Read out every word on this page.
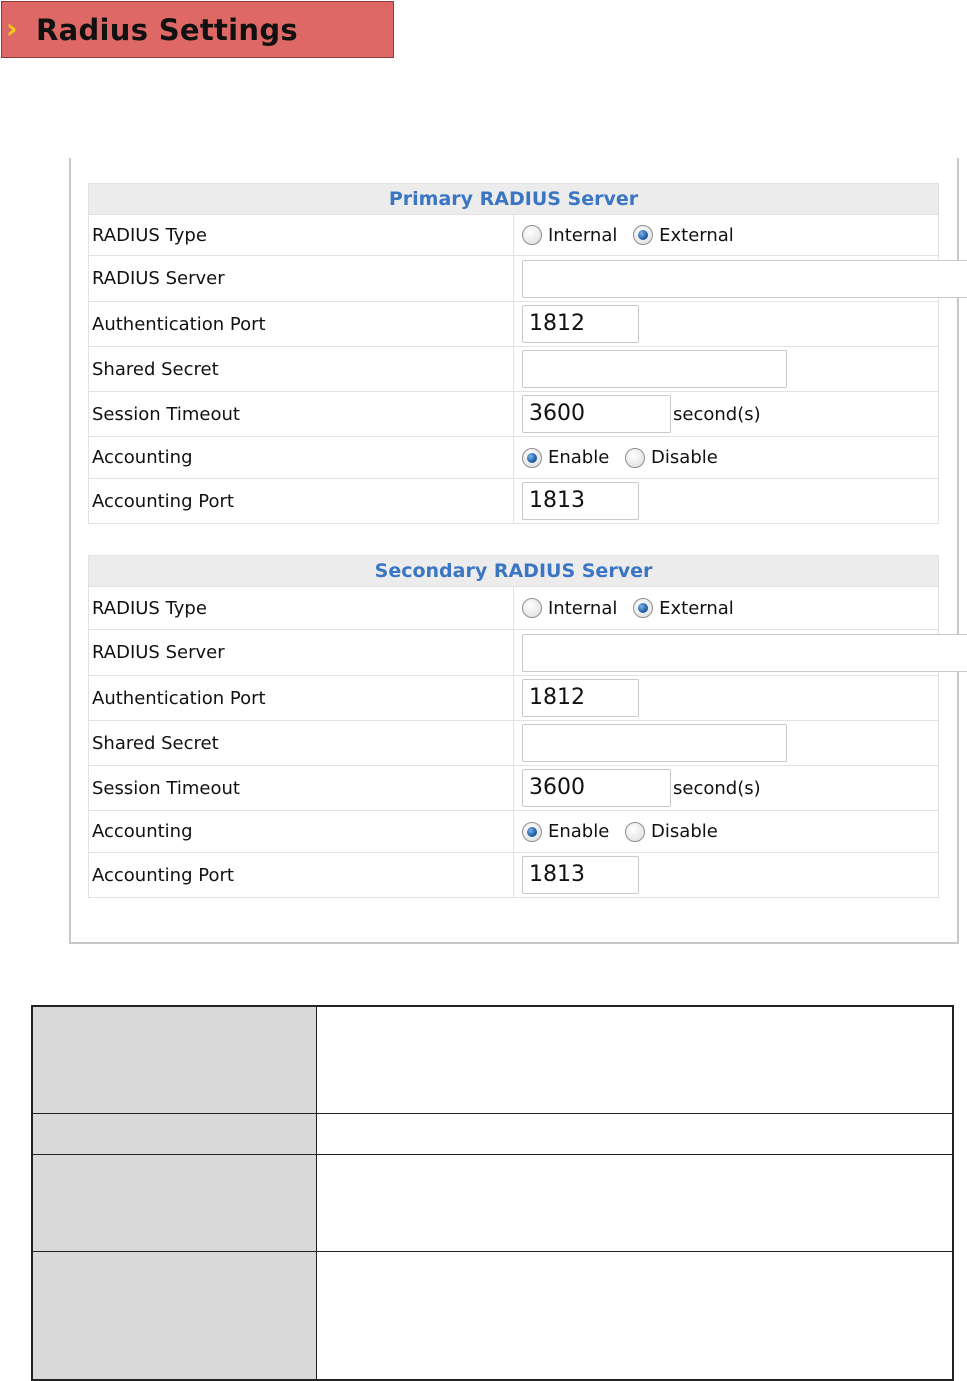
› Radius Settings
Primary RADIUS Server	
RADIUS Type	Internal External
RADIUS Server	
Authentication Port	1812
Shared Secret	
Session Timeout	3600 second(s)
Accounting	Enable Disable
Accounting Port	1813
Secondary RADIUS Server	
RADIUS Type	Internal External
RADIUS Server	
Authentication Port	1812
Shared Secret	
Session Timeout	3600 second(s)
Accounting	Enable Disable
Accounting Port	1813
